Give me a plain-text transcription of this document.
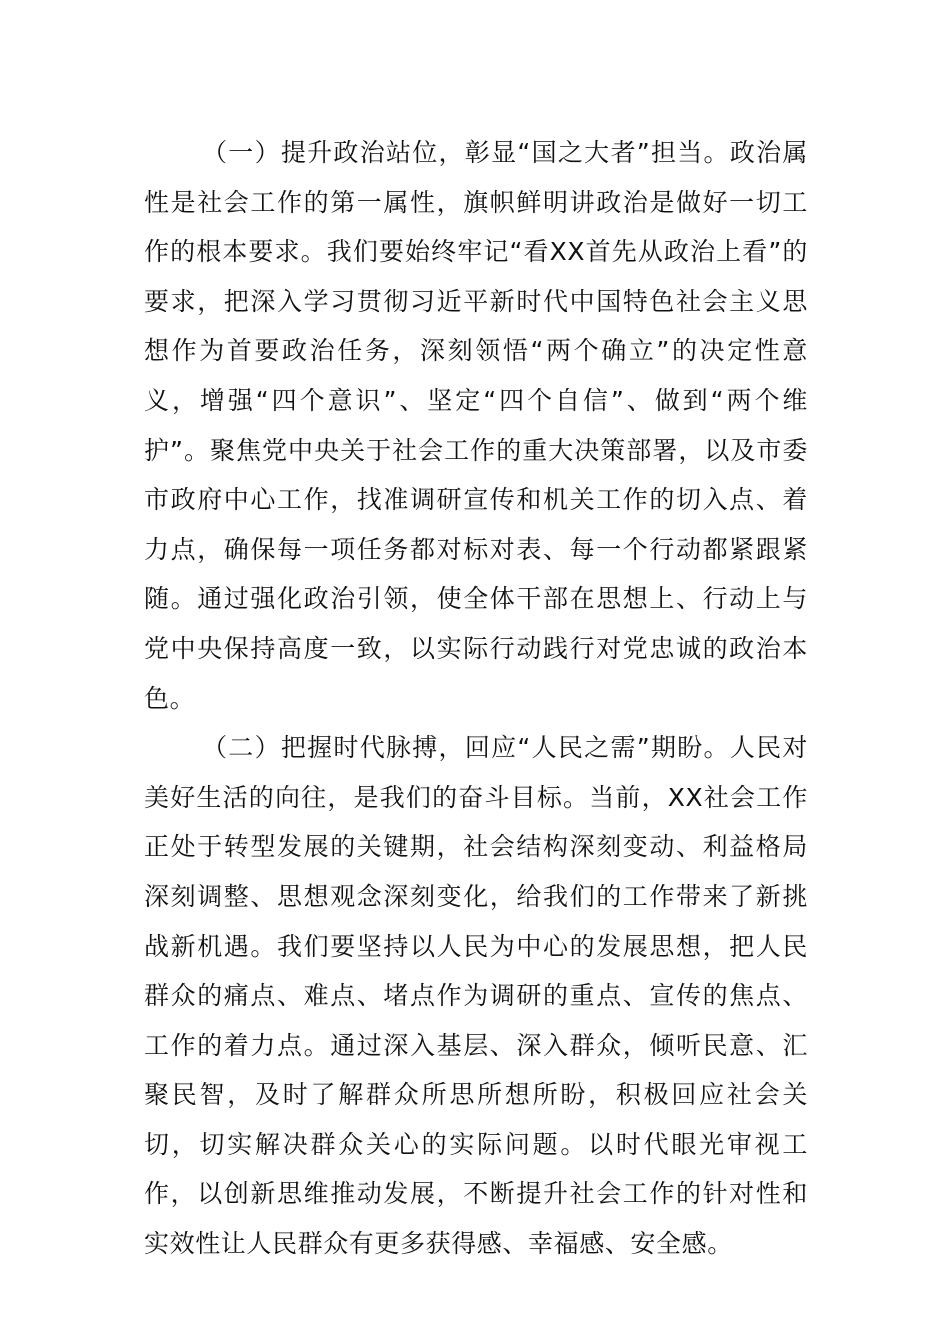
（一）提升政治站位，彰显“国之大者”担当。政治属性是社会工作的第一属性，旗帜鲜明讲政治是做好一切工作的根本要求。我们要始终牢记“看XX首先从政治上看”的要求，把深入学习贯彻习近平新时代中国特色社会主义思想作为首要政治任务，深刻领悟“两个确立”的决定性意义，增强“四个意识”、坚定“四个自信”、做到“两个维护”。聚焦党中央关于社会工作的重大决策部署，以及市委市政府中心工作，找准调研宣传和机关工作的切入点、着力点，确保每一项任务都对标对表、每一个行动都紧跟紧随。通过强化政治引领，使全体干部在思想上、行动上与党中央保持高度一致，以实际行动践行对党忠诚的政治本色。

（二）把握时代脉搏，回应“人民之需”期盼。人民对美好生活的向往，是我们的奋斗目标。当前，XX社会工作正处于转型发展的关键期，社会结构深刻变动、利益格局深刻调整、思想观念深刻变化，给我们的工作带来了新挑战新机遇。我们要坚持以人民为中心的发展思想，把人民群众的痛点、难点、堵点作为调研的重点、宣传的焦点、工作的着力点。通过深入基层、深入群众，倾听民意、汇聚民智，及时了解群众所思所想所盼，积极回应社会关切，切实解决群众关心的实际问题。以时代眼光审视工作，以创新思维推动发展，不断提升社会工作的针对性和实效性让人民群众有更多获得感、幸福感、安全感。
